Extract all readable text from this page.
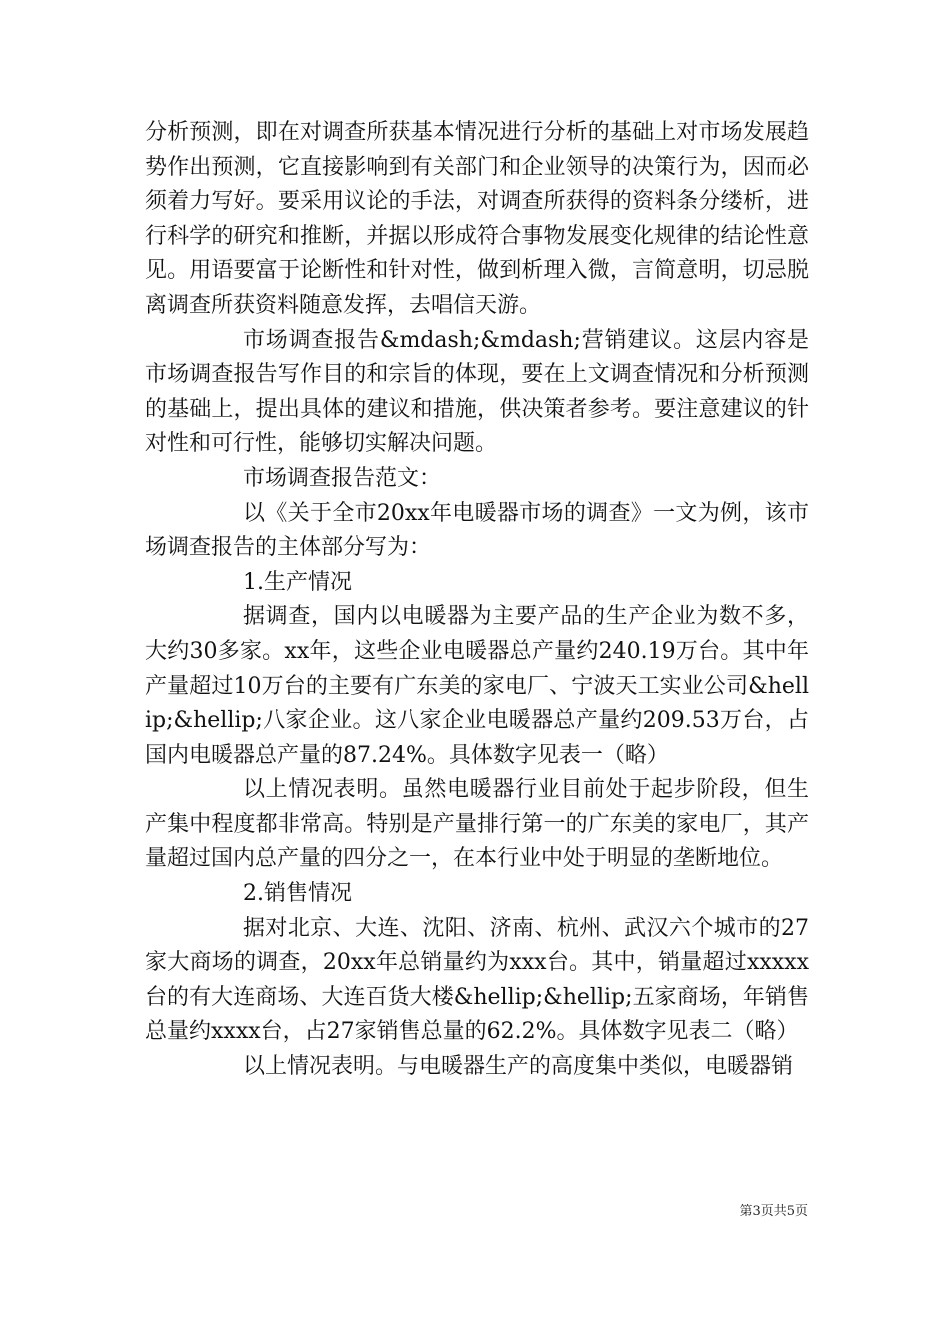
分析预测，即在对调查所获基本情况进行分析的基础上对市场发展趋势作出预测，它直接影响到有关部门和企业领导的决策行为，因而必须着力写好。要采用议论的手法，对调查所获得的资料条分缕析，进行科学的研究和推断，并据以形成符合事物发展变化规律的结论性意见。用语要富于论断性和针对性，做到析理入微，言简意明，切忌脱离调查所获资料随意发挥，去唱信天游。

市场调查报告&mdash;&mdash;营销建议。这层内容是市场调查报告写作目的和宗旨的体现，要在上文调查情况和分析预测的基础上，提出具体的建议和措施，供决策者参考。要注意建议的针对性和可行性，能够切实解决问题。

市场调查报告范文：

以《关于全市20xx年电暖器市场的调查》一文为例，该市场调查报告的主体部分写为：

1.生产情况

据调查，国内以电暖器为主要产品的生产企业为数不多，大约30多家。xx年，这些企业电暖器总产量约240.19万台。其中年产量超过10万台的主要有广东美的家电厂、宁波天工实业公司&hellip;&hellip;八家企业。这八家企业电暖器总产量约209.53万台，占国内电暖器总产量的87.24%。具体数字见表一（略）

以上情况表明。虽然电暖器行业目前处于起步阶段，但生产集中程度都非常高。特别是产量排行第一的广东美的家电厂，其产量超过国内总产量的四分之一，在本行业中处于明显的垄断地位。

2.销售情况

据对北京、大连、沈阳、济南、杭州、武汉六个城市的27家大商场的调查，20xx年总销量约为xxx台。其中，销量超过xxxxx台的有大连商场、大连百货大楼&hellip;&hellip;五家商场，年销售总量约xxxx台，占27家销售总量的62.2%。具体数字见表二（略）

以上情况表明。与电暖器生产的高度集中类似，电暖器销

第3页共5页
